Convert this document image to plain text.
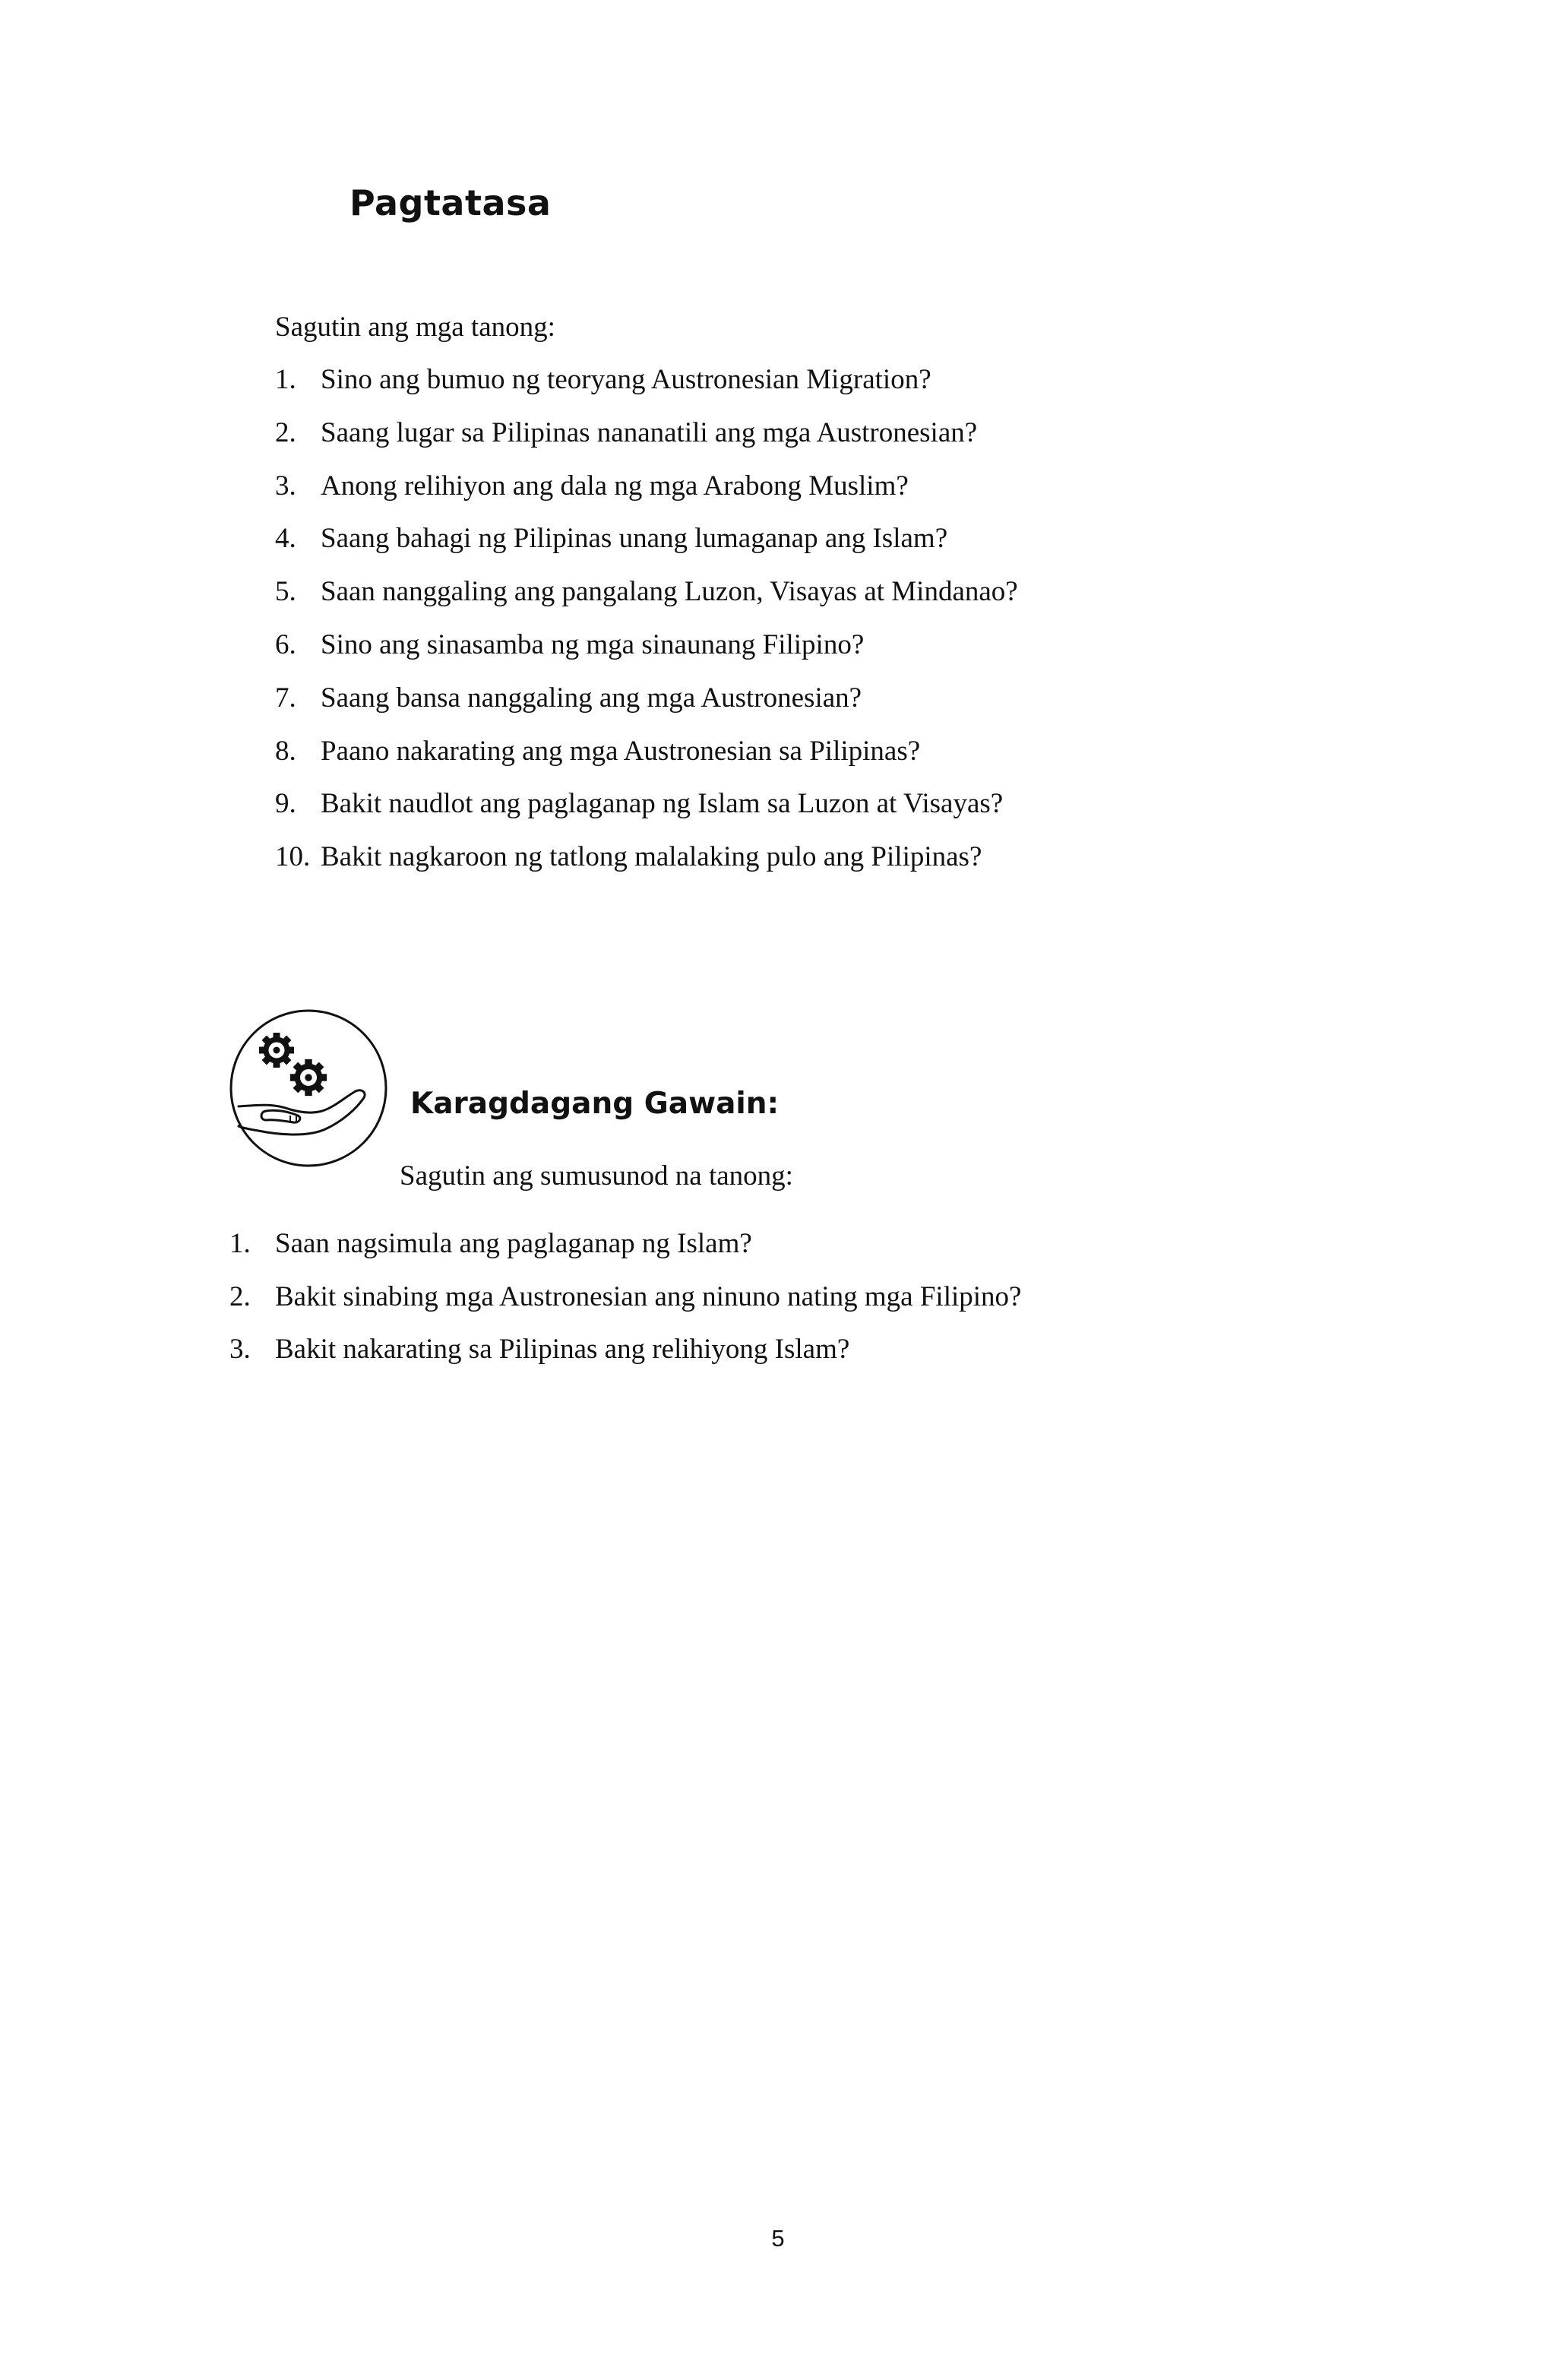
Pagtatasa
Sagutin ang mga tanong:
1. Sino ang bumuo ng teoryang Austronesian Migration?
2. Saang lugar sa Pilipinas nananatili ang mga Austronesian?
3. Anong relihiyon ang dala ng mga Arabong Muslim?
4. Saang bahagi ng Pilipinas unang lumaganap ang Islam?
5. Saan nanggaling ang pangalang Luzon, Visayas at Mindanao?
6. Sino ang sinasamba ng mga sinaunang Filipino?
7. Saang bansa nanggaling ang mga Austronesian?
8. Paano nakarating ang mga Austronesian sa Pilipinas?
9. Bakit naudlot ang paglaganap ng Islam sa Luzon at Visayas?
10. Bakit nagkaroon ng tatlong malalaking pulo ang Pilipinas?
Karagdagang Gawain:
Sagutin ang sumusunod na tanong:
1. Saan nagsimula ang paglaganap ng Islam?
2. Bakit sinabing mga Austronesian ang ninuno nating mga Filipino?
3. Bakit nakarating sa Pilipinas ang relihiyong Islam?
5
